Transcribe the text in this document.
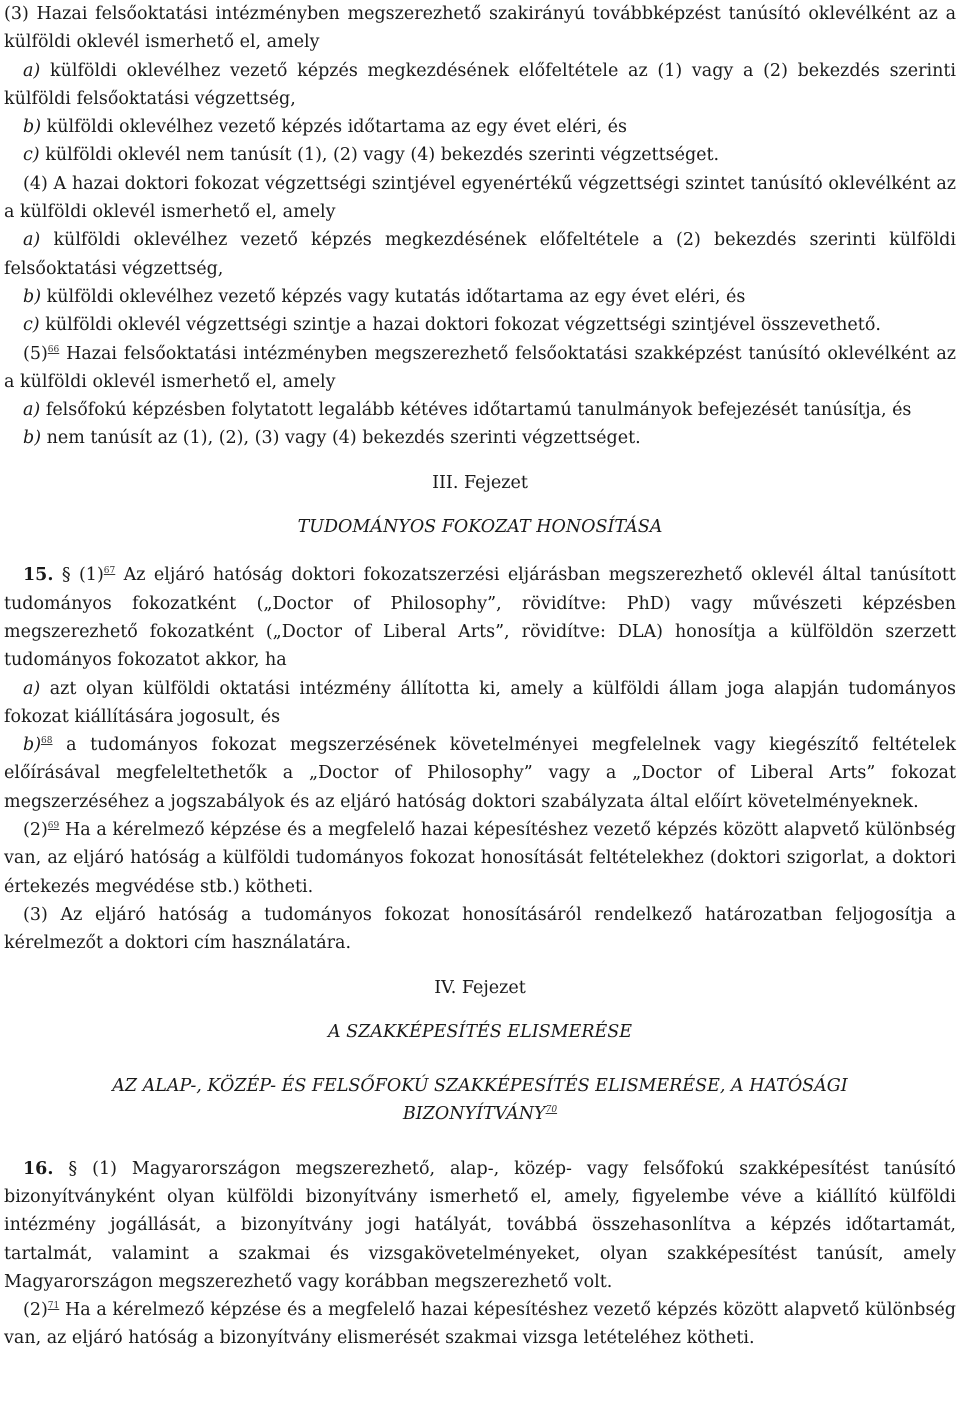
(3) Hazai felsőoktatási intézményben megszerezhető szakirányú továbbképzést tanúsító oklevélként az a külföldi oklevél ismerhető el, amely

a) külföldi oklevélhez vezető képzés megkezdésének előfeltétele az (1) vagy a (2) bekezdés szerinti külföldi felsőoktatási végzettség,

b) külföldi oklevélhez vezető képzés időtartama az egy évet eléri, és

c) külföldi oklevél nem tanúsít (1), (2) vagy (4) bekezdés szerinti végzettséget.

(4) A hazai doktori fokozat végzettségi szintjével egyenértékű végzettségi szintet tanúsító oklevélként az a külföldi oklevél ismerhető el, amely

a) külföldi oklevélhez vezető képzés megkezdésének előfeltétele a (2) bekezdés szerinti külföldi felsőoktatási végzettség,

b) külföldi oklevélhez vezető képzés vagy kutatás időtartama az egy évet eléri, és

c) külföldi oklevél végzettségi szintje a hazai doktori fokozat végzettségi szintjével összevethető.

(5)$^{66}$ Hazai felsőoktatási intézményben megszerezhető felsőoktatási szakképzést tanúsító oklevélként az a külföldi oklevél ismerhető el, amely

a) felsőfokú képzésben folytatott legalább kétéves időtartamú tanulmányok befejezését tanúsítja, és

b) nem tanúsít az (1), (2), (3) vagy (4) bekezdés szerinti végzettséget.

III. Fejezet

TUDOMÁNYOS FOKOZAT HONOSÍTÁSA

15. § (1)$^{67}$ Az eljáró hatóság doktori fokozatszerzési eljárásban megszerezhető oklevél által tanúsított tudományos fokozatként („Doctor of Philosophy”, rövidítve: PhD) vagy művészeti képzésben megszerezhető fokozatként („Doctor of Liberal Arts”, rövidítve: DLA) honosítja a külföldön szerzett tudományos fokozatot akkor, ha

a) azt olyan külföldi oktatási intézmény állította ki, amely a külföldi állam joga alapján tudományos fokozat kiállítására jogosult, és

b)$^{68}$ a tudományos fokozat megszerzésének követelményei megfelelnek vagy kiegészítő feltételek előírásával megfeleltethetők a „Doctor of Philosophy” vagy a „Doctor of Liberal Arts” fokozat megszerzéséhez a jogszabályok és az eljáró hatóság doktori szabályzata által előírt követelményeknek.

(2)$^{69}$ Ha a kérelmező képzése és a megfelelő hazai képesítéshez vezető képzés között alapvető különbség van, az eljáró hatóság a külföldi tudományos fokozat honosítását feltételekhez (doktori szigorlat, a doktori értekezés megvédése stb.) kötheti.

(3) Az eljáró hatóság a tudományos fokozat honosításáról rendelkező határozatban feljogosítja a kérelmezőt a doktori cím használatára.

IV. Fejezet

A SZAKKÉPESÍTÉS ELISMERÉSE

AZ ALAP-, KÖZÉP- ÉS FELSŐFOKÚ SZAKKÉPESÍTÉS ELISMERÉSE, A HATÓSÁGI

BIZONYÍTVÁNY$^{70}$

16. § (1) Magyarországon megszerezhető, alap-, közép- vagy felsőfokú szakképesítést tanúsító bizonyítványként olyan külföldi bizonyítvány ismerhető el, amely, figyelembe véve a kiállító külföldi intézmény jogállását, a bizonyítvány jogi hatályát, továbbá összehasonlítva a képzés időtartamát, tartalmát, valamint a szakmai és vizsgakövetelményeket, olyan szakképesítést tanúsít, amely Magyarországon megszerezhető vagy korábban megszerezhető volt.

(2)$^{71}$ Ha a kérelmező képzése és a megfelelő hazai képesítéshez vezető képzés között alapvető különbség van, az eljáró hatóság a bizonyítvány elismerését szakmai vizsga letételéhez kötheti.
